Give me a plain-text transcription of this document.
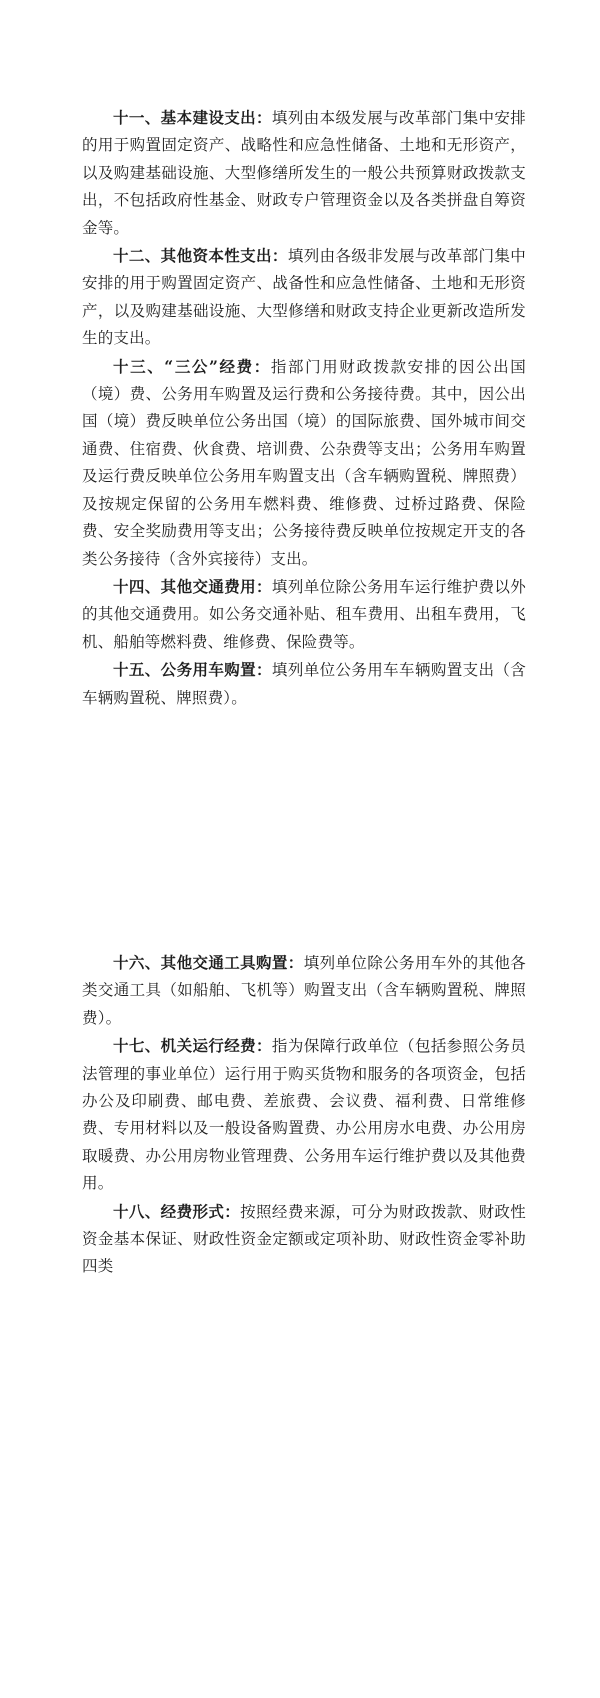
十一、基本建设支出：填列由本级发展与改革部门集中安排的用于购置固定资产、战略性和应急性储备、土地和无形资产，以及购建基础设施、大型修缮所发生的一般公共预算财政拨款支出，不包括政府性基金、财政专户管理资金以及各类拼盘自筹资金等。

十二、其他资本性支出：填列由各级非发展与改革部门集中安排的用于购置固定资产、战备性和应急性储备、土地和无形资产，以及购建基础设施、大型修缮和财政支持企业更新改造所发生的支出。

十三、“三公”经费：指部门用财政拨款安排的因公出国（境）费、公务用车购置及运行费和公务接待费。其中，因公出国（境）费反映单位公务出国（境）的国际旅费、国外城市间交通费、住宿费、伙食费、培训费、公杂费等支出；公务用车购置及运行费反映单位公务用车购置支出（含车辆购置税、牌照费）及按规定保留的公务用车燃料费、维修费、过桥过路费、保险费、安全奖励费用等支出；公务接待费反映单位按规定开支的各类公务接待（含外宾接待）支出。

十四、其他交通费用：填列单位除公务用车运行维护费以外的其他交通费用。如公务交通补贴、租车费用、出租车费用，飞机、船舶等燃料费、维修费、保险费等。

十五、公务用车购置：填列单位公务用车车辆购置支出（含车辆购置税、牌照费）。

十六、其他交通工具购置：填列单位除公务用车外的其他各类交通工具（如船舶、飞机等）购置支出（含车辆购置税、牌照费）。

十七、机关运行经费：指为保障行政单位（包括参照公务员法管理的事业单位）运行用于购买货物和服务的各项资金，包括办公及印刷费、邮电费、差旅费、会议费、福利费、日常维修费、专用材料以及一般设备购置费、办公用房水电费、办公用房取暖费、办公用房物业管理费、公务用车运行维护费以及其他费用。

十八、经费形式：按照经费来源，可分为财政拨款、财政性资金基本保证、财政性资金定额或定项补助、财政性资金零补助四类
